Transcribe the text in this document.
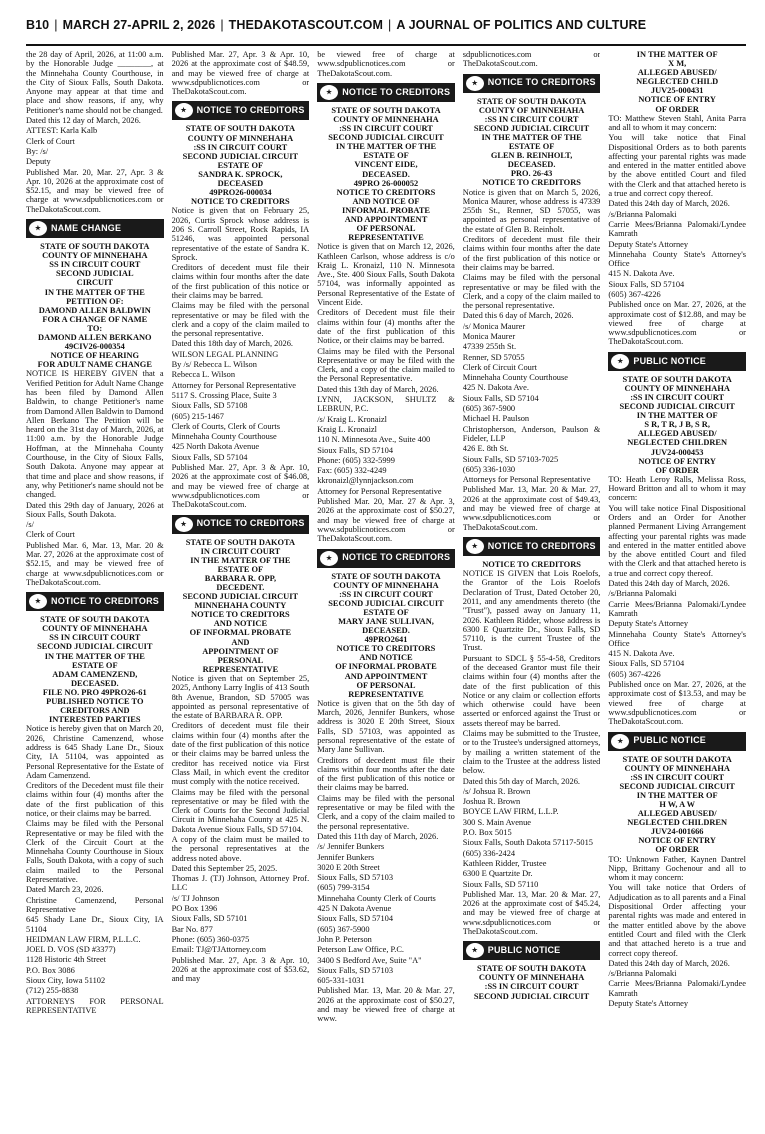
B10 | MARCH 27-APRIL 2, 2026 | THEDAKOTASCOUT.COM | A JOURNAL OF POLITICS AND CULTURE

the 28 day of April, 2026, at 11:00 a.m. by the Honorable Judge ________, at the Minnehaha County Courthouse, in the City of Sioux Falls, South Dakota. Anyone may appear at that time and place and show reasons, if any, why Petitioner's name should not be changed.

Dated this 12 day of March, 2026.

ATTEST: Karla Kalb

Clerk of Court

By: /s/

Deputy

Published Mar. 20, Mar. 27, Apr. 3 & Apr. 10, 2026 at the approximate cost of $52.15, and may be viewed free of charge at www.sdpublicnotices.com or TheDakotaScout.com.

★	NAME CHANGE
STATE OF SOUTH DAKOTA
COUNTY OF MINNEHAHA
SS IN CIRCUIT COURT
SECOND JUDICIAL
CIRCUIT
IN THE MATTER OF THE
PETITION OF:
DAMOND ALLEN BALDWIN
FOR A CHANGE OF NAME
TO:
DAMOND ALLEN BERKANO
49CIV26-000354
NOTICE OF HEARING
FOR ADULT NAME CHANGE

NOTICE IS HEREBY GIVEN that a Verified Petition for Adult Name Change has been filed by Damond Allen Baldwin, to change Petitioner's name from Damond Allen Baldwin to Damond Allen Berkano The Petition will be heard on the 31st day of March, 2026, at 11:00 a.m. by the Honorable Judge Hoffman, at the Minnehaha County Courthouse, in the City of Sioux Falls, South Dakota. Anyone may appear at that time and place and show reasons, if any, why Petitioner's name should not be changed.

Dated this 29th day of January, 2026 at Sioux Falls, South Dakota.

/s/

Clerk of Court

Published Mar. 6, Mar. 13, Mar. 20 & Mar. 27, 2026 at the approximate cost of $52.15, and may be viewed free of charge at www.sdpublicnotices.com or TheDakotaScout.com.

★	NOTICE TO CREDITORS
STATE OF SOUTH DAKOTA
COUNTY OF MINNEHAHA
SS IN CIRCUIT COURT
SECOND JUDICIAL CIRCUIT
IN THE MATTER OF THE
ESTATE OF
ADAM CAMENZEND,
DECEASED.
FILE NO. PRO 49PRO26-61
PUBLISHED NOTICE TO
CREDITORS AND
INTERESTED PARTIES

Notice is hereby given that on March 20, 2026, Christine Camenzend, whose address is 645 Shady Lane Dr., Sioux City, IA 51104, was appointed as Personal Representative for the Estate of Adam Camenzend.

Creditors of the Decedent must file their claims within four (4) months after the date of the first publication of this notice, or their claims may be barred.

Claims may be filed with the Personal Representative or may be filed with the Clerk of the Circuit Court at the Minnehaha County Courthouse in Sioux Falls, South Dakota, with a copy of such claim mailed to the Personal Representative.

Dated March 23, 2026.

Christine Camenzend, Personal Representative

645 Shady Lane Dr., Sioux City, IA 51104

HEIDMAN LAW FIRM, P.L.L.C.

JOEL D. VOS (SD #3377)

1128 Historic 4th Street

P.O. Box 3086

Sioux City, Iowa 51102

(712) 255-8838

ATTORNEYS FOR PERSONAL REPRESENTATIVE

Published Mar. 27, Apr. 3 & Apr. 10, 2026 at the approximate cost of $48.59, and may be viewed free of charge at www.sdpublicnotices.com or TheDakotaScout.com.

★	NOTICE TO CREDITORS
STATE OF SOUTH DAKOTA
COUNTY OF MINNEHAHA
:SS IN CIRCUIT COURT
SECOND JUDICIAL CIRCUIT
ESTATE OF
SANDRA K. SPROCK,
DECEASED
49PRO26-000034
NOTICE TO CREDITORS

Notice is given that on February 25, 2026, Curtis Sprock whose address is 206 S. Carroll Street, Rock Rapids, IA 51246, was appointed personal representative of the estate of Sandra K. Sprock.

Creditors of decedent must file their claims within four months after the date of the first publication of this notice or their claims may be barred.

Claims may be filed with the personal representative or may be filed with the clerk and a copy of the claim mailed to the personal representative.

Dated this 18th day of March, 2026.

WILSON LEGAL PLANNING

By /s/ Rebecca L. Wilson

Rebecca L. Wilson

Attorney for Personal Representative

5117 S. Crossing Place, Suite 3

Sioux Falls, SD 57108

(605) 215-1467

Clerk of Courts, Clerk of Courts

Minnehaha County Courthouse

425 North Dakota Avenue

Sioux Falls, SD 57104

Published Mar. 27, Apr. 3 & Apr. 10, 2026 at the approximate cost of $46.08, and may be viewed free of charge at www.sdpublicnotices.com or TheDakotaScout.com.

★	NOTICE TO CREDITORS
STATE OF SOUTH DAKOTA
IN CIRCUIT COURT
IN THE MATTER OF THE
ESTATE OF
BARBARA R. OPP,
DECEDENT.
SECOND JUDICIAL CIRCUIT
MINNEHAHA COUNTY
NOTICE TO CREDITORS
AND NOTICE
OF INFORMAL PROBATE
AND
APPOINTMENT OF
PERSONAL
REPRESENTATIVE

Notice is given that on September 25, 2025, Anthony Larry Inglis of 413 South 8th Avenue, Brandon, SD 57005 was appointed as personal representative of the estate of BARBARA R. OPP.

Creditors of decedent must file their claims within four (4) months after the date of the first publication of this notice or their claims may be barred unless the creditor has received notice via First Class Mail, in which event the creditor must comply with the notice received.

Claims may be filed with the personal representative or may be filed with the Clerk of Courts for the Second Judicial Circuit in Minnehaha County at 425 N. Dakota Avenue Sioux Falls, SD 57104.

A copy of the claim must be mailed to the personal representatives at the address noted above.

Dated this September 25, 2025.

Thomas J. (TJ) Johnson, Attorney Prof. LLC

/s/ TJ Johnson

PO Box 1396

Sioux Falls, SD 57101

Bar No. 877

Phone: (605) 360-0375

Email: TJ@TJAttorney.com

Published Mar. 27, Apr. 3 & Apr. 10, 2026 at the approximate cost of $53.62, and may

be viewed free of charge at www.sdpublicnotices.com or TheDakotaScout.com.

★	NOTICE TO CREDITORS
STATE OF SOUTH DAKOTA
COUNTY OF MINNEHAHA
:SS IN CIRCUIT COURT
SECOND JUDICIAL CIRCUIT
IN THE MATTER OF THE
ESTATE OF
VINCENT EIDE,
DECEASED.
49PRO 26-000052
NOTICE TO CREDITORS
AND NOTICE OF
INFORMAL PROBATE
AND APPOINTMENT
OF PERSONAL
REPRESENTATIVE

Notice is given that on March 12, 2026, Kathleen Carlson, whose address is c/o Kraig L. Kronaizl, 110 N. Minnesota Ave., Ste. 400 Sioux Falls, South Dakota 57104, was informally appointed as Personal Representative of the Estate of Vincent Eide.

Creditors of Decedent must file their claims within four (4) months after the date of the first publication of this Notice, or their claims may be barred.

Claims may be filed with the Personal Representative or may be filed with the Clerk, and a copy of the claim mailed to the Personal Representative.

Dated this 13th day of March, 2026.

LYNN, JACKSON, SHULTZ & LEBRUN, P.C.

/s/ Kraig L. Kronaizl

Kraig L. Kronaizl

110 N. Minnesota Ave., Suite 400

Sioux Falls, SD 57104

Phone: (605) 332-5999

Fax: (605) 332-4249

kkronaizl@lynnjackson.com

Attorney for Personal Representative

Published Mar. 20, Mar. 27 & Apr. 3, 2026 at the approximate cost of $50.27, and may be viewed free of charge at www.sdpublicnotices.com or TheDakotaScout.com.

★	NOTICE TO CREDITORS
STATE OF SOUTH DAKOTA
COUNTY OF MINNEHAHA
:SS IN CIRCUIT COURT
SECOND JUDICIAL CIRCUIT
ESTATE OF
MARY JANE SULLIVAN,
DECEASED.
49PRO2641
NOTICE TO CREDITORS
AND NOTICE
OF INFORMAL PROBATE
AND APPOINTMENT
OF PERSONAL
REPRESENTATIVE

Notice is given that on the 5th day of March, 2026, Jennifer Bunkers, whose address is 3020 E 20th Street, Sioux Falls, SD 57103, was appointed as personal representative of the estate of Mary Jane Sullivan.

Creditors of decedent must file their claims within four months after the date of the first publication of this notice or their claims may be barred.

Claims may be filed with the personal representative or may be filed with the Clerk, and a copy of the claim mailed to the personal representative.

Dated this 11th day of March, 2026.

/s/ Jennifer Bunkers

Jennifer Bunkers

3020 E 20th Street

Sioux Falls, SD 57103

(605) 799-3154

Minnehaha County Clerk of Courts

425 N Dakota Avenue

Sioux Falls, SD 57104

(605) 367-5900

John P. Peterson

Peterson Law Office, P.C.

3400 S Bedford Ave, Suite "A"

Sioux Falls, SD 57103

605-331-1031

Published Mar. 13, Mar. 20 & Mar. 27, 2026 at the approximate cost of $50.27, and may be viewed free of charge at www.

sdpublicnotices.com or TheDakotaScout.com.

★	NOTICE TO CREDITORS
STATE OF SOUTH DAKOTA
COUNTY OF MINNEHAHA
:SS IN CIRCUIT COURT
SECOND JUDICIAL CIRCUIT
IN THE MATTER OF THE
ESTATE OF
GLEN B. REINHOLT,
DECEASED.
PRO. 26-43
NOTICE TO CREDITORS

Notice is given that on March 5, 2026, Monica Maurer, whose address is 47339 255th St., Renner, SD 57055, was appointed as personal representative of the estate of Glen B. Reinholt.

Creditors of decedent must file their claims within four months after the date of the first publication of this notice or their claims may be barred.

Claims may be filed with the personal representative or may be filed with the Clerk, and a copy of the claim mailed to the personal representative.

Dated this 6 day of March, 2026.

/s/ Monica Maurer

Monica Maurer

47339 255th St.

Renner, SD 57055

Clerk of Circuit Court

Minnehaha County Courthouse

425 N. Dakota Ave.

Sioux Falls, SD 57104

(605) 367-5900

Michael H. Paulson

Christopherson, Anderson, Paulson & Fideler, LLP

426 E. 8th St.

Sioux Falls, SD 57103-7025

(605) 336-1030

Attorneys for Personal Representative

Published Mar. 13, Mar. 20 & Mar. 27, 2026 at the approximate cost of $49.43, and may be viewed free of charge at www.sdpublicnotices.com or TheDakotaScout.com.

★	NOTICE TO CREDITORS
NOTICE TO CREDITORS

NOTICE IS GIVEN that Lois Roelofs, the Grantor of the Lois Roelofs Declaration of Trust, Dated October 20, 2011, and any amendments thereto (the "Trust"), passed away on January 11, 2026. Kathleen Ridder, whose address is 6300 E Quartzite Dr., Sioux Falls, SD 57110, is the current Trustee of the Trust.

Pursuant to SDCL § 55-4-58, Creditors of the deceased Grantor must file their claims within four (4) months after the date of the first publication of this Notice or any claim or collection efforts which otherwise could have been asserted or enforced against the Trust or assets thereof may be barred.

Claims may be submitted to the Trustee, or to the Trustee's undersigned attorneys, by mailing a written statement of the claim to the Trustee at the address listed below.

Dated this 5th day of March, 2026.

/s/ Johsua R. Brown

Joshua R. Brown

BOYCE LAW FIRM, L.L.P.

300 S. Main Avenue

P.O. Box 5015

Sioux Falls, South Dakota 57117-5015

(605) 336-2424

Kathleen Ridder, Trustee

6300 E Quartzite Dr.

Sioux Falls, SD 57110

Published Mar. 13, Mar. 20 & Mar. 27, 2026 at the approximate cost of $45.24, and may be viewed free of charge at www.sdpublicnotices.com or TheDakotaScout.com.

★	PUBLIC NOTICE
STATE OF SOUTH DAKOTA
COUNTY OF MINNEHAHA
:SS IN CIRCUIT COURT
SECOND JUDICIAL CIRCUIT
IN THE MATTER OF
X M,
ALLEGED ABUSED/
NEGLECTED CHILD
JUV25-000431
NOTICE OF ENTRY
OF ORDER

TO: Matthew Steven Stahl, Anita Parra and all to whom it may concern:

You will take notice that Final Dispositional Orders as to both parents affecting your parental rights was made and entered in the matter entitled above by the above entitled Court and filed with the Clerk and that attached hereto is a true and correct copy thereof.

Dated this 24th day of March, 2026.

/s/Brianna Palomaki

Carrie Mees/Brianna Palomaki/Lyndee Kamrath

Deputy State's Attorney

Minnehaha County State's Attorney's Office

415 N. Dakota Ave.

Sioux Falls, SD 57104

(605) 367-4226

Published once on Mar. 27, 2026, at the approximate cost of $12.88, and may be viewed free of charge at www.sdpublicnotices.com or TheDakotaScout.com.

★	PUBLIC NOTICE
STATE OF SOUTH DAKOTA
COUNTY OF MINNEHAHA
:SS IN CIRCUIT COURT
SECOND JUDICIAL CIRCUIT
IN THE MATTER OF
S R, T R, J B, S R,
ALLEGED ABUSED/
NEGLECTED CHILDREN
JUV24-000453
NOTICE OF ENTRY
OF ORDER

TO: Heath Leroy Ralls, Melissa Ross, Howard Britton and all to whom it may concern:

You will take notice Final Dispositional Orders and an Order for Another planned Permanent Living Arrangement affecting your parental rights was made and entered in the matter entitled above by the above entitled Court and filed with the Clerk and that attached hereto is a true and correct copy thereof.

Dated this 24th day of March, 2026.

/s/Brianna Palomaki

Carrie Mees/Brianna Palomaki/Lyndee Kamrath

Deputy State's Attorney

Minnehaha County State's Attorney's Office

415 N. Dakota Ave.

Sioux Falls, SD 57104

(605) 367-4226

Published once on Mar. 27, 2026, at the approximate cost of $13.53, and may be viewed free of charge at www.sdpublicnotices.com or TheDakotaScout.com.

★	PUBLIC NOTICE
STATE OF SOUTH DAKOTA
COUNTY OF MINNEHAHA
:SS IN CIRCUIT COURT
SECOND JUDICIAL CIRCUIT
IN THE MATTER OF
H W, A W
ALLEGED ABUSED/
NEGLECTED CHILDREN
JUV24-001666
NOTICE OF ENTRY
OF ORDER

TO: Unknown Father, Kaynen Dantrel Nipp, Brittany Gochenour and all to whom it may concern:

You will take notice that Orders of Adjudication as to all parents and a Final Dispositional Order affecting your parental rights was made and entered in the matter entitled above by the above entitled Court and filed with the Clerk and that attached hereto is a true and correct copy thereof.

Dated this 24th day of March, 2026.

/s/Brianna Palomaki

Carrie Mees/Brianna Palomaki/Lyndee Kamrath

Deputy State's Attorney
